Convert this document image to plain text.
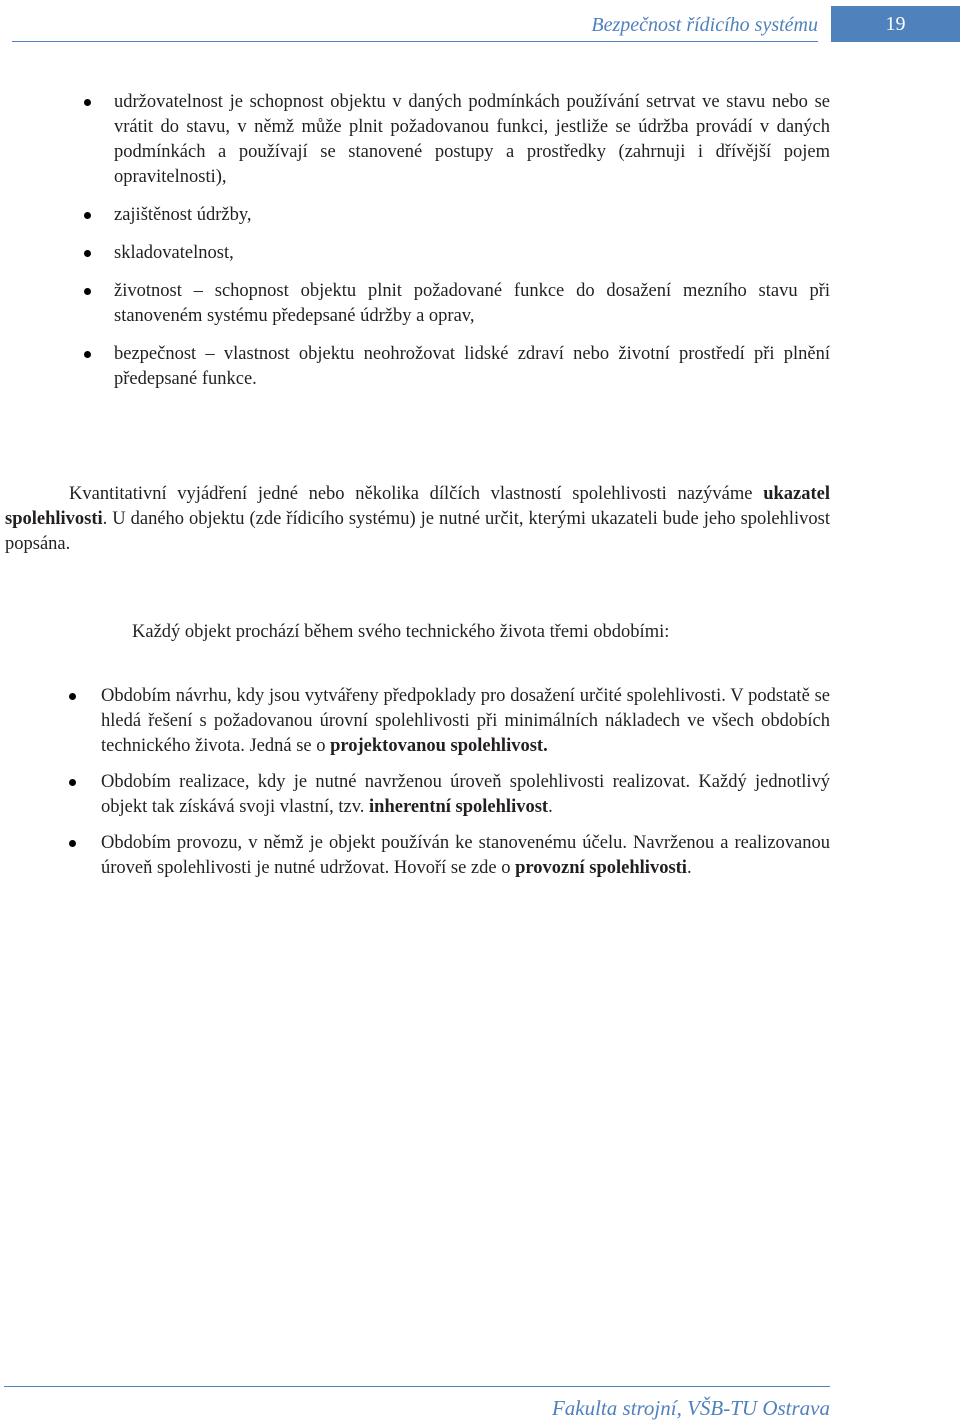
Bezpečnost řídicího systému	19
udržovatelnost je schopnost objektu v daných podmínkách používání setrvat ve stavu nebo se vrátit do stavu, v němž může plnit požadovanou funkci, jestliže se údržba provádí v daných podmínkách a používají se stanovené postupy a prostředky (zahrnuji i dřívější pojem opravitelnosti),
zajištěnost údržby,
skladovatelnost,
životnost – schopnost objektu plnit požadované funkce do dosažení mezního stavu při stanoveném systému předepsané údržby a oprav,
bezpečnost – vlastnost objektu neohrožovat lidské zdraví nebo životní prostředí při plnění předepsané funkce.

Kvantitativní vyjádření jedné nebo několika dílčích vlastností spolehlivosti nazýváme ukazatel spolehlivosti. U daného objektu (zde řídicího systému) je nutné určit, kterými ukazateli bude jeho spolehlivost popsána.

Každý objekt prochází během svého technického života třemi obdobími:

Obdobím návrhu, kdy jsou vytvářeny předpoklady pro dosažení určité spolehlivosti. V podstatě se hledá řešení s požadovanou úrovní spolehlivosti při minimálních nákladech ve všech obdobích technického života. Jedná se o projektovanou spolehlivost.
Obdobím realizace, kdy je nutné navrženou úroveň spolehlivosti realizovat. Každý jednotlivý objekt tak získává svoji vlastní, tzv. inherentní spolehlivost.
Obdobím provozu, v němž je objekt používán ke stanovenému účelu. Navrženou a realizovanou úroveň spolehlivosti je nutné udržovat. Hovoří se zde o provozní spolehlivosti.
Fakulta strojní, VŠB-TU Ostrava
